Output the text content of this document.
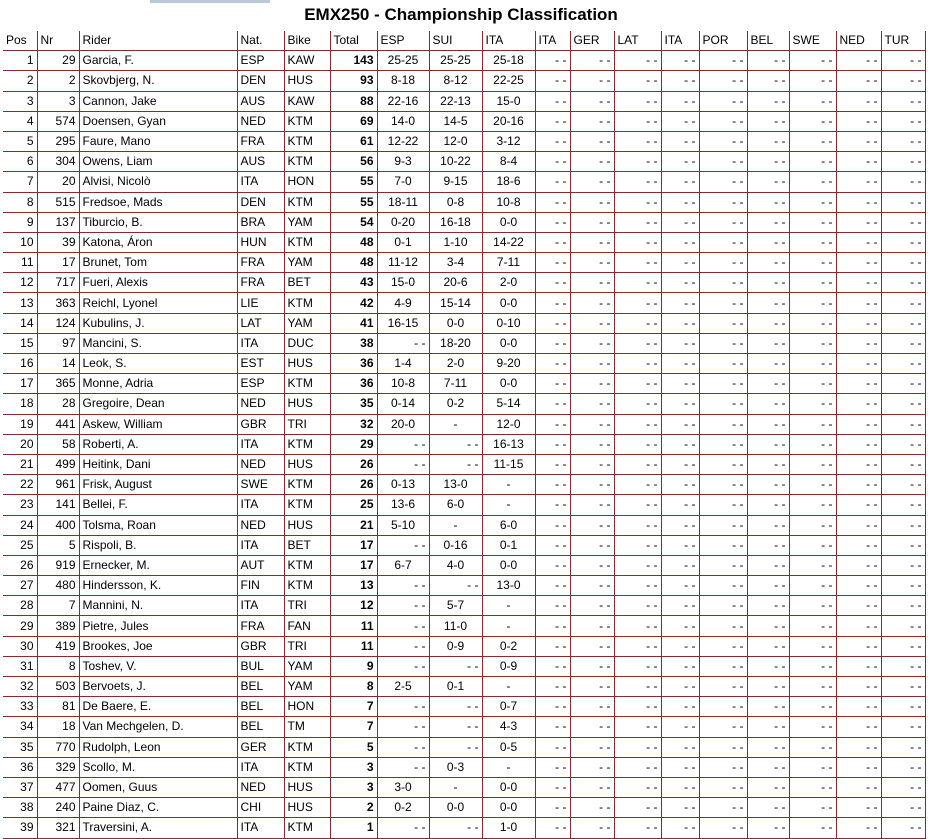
EMX250 - Championship Classification
Pos	Nr	Rider	Nat.	Bike	Total	ESP	SUI	ITA	ITA	GER	LAT	ITA	POR	BEL	SWE	NED	TUR
1	29	Garcia, F.	ESP	KAW	143	25-25	25-25	25-18	- -	- -	- -	- -	- -	- -	- -	- -	- -
2	2	Skovbjerg, N.	DEN	HUS	93	8-18	8-12	22-25	- -	- -	- -	- -	- -	- -	- -	- -	- -
3	3	Cannon, Jake	AUS	KAW	88	22-16	22-13	15-0	- -	- -	- -	- -	- -	- -	- -	- -	- -
4	574	Doensen, Gyan	NED	KTM	69	14-0	14-5	20-16	- -	- -	- -	- -	- -	- -	- -	- -	- -
5	295	Faure, Mano	FRA	KTM	61	12-22	12-0	3-12	- -	- -	- -	- -	- -	- -	- -	- -	- -
6	304	Owens, Liam	AUS	KTM	56	9-3	10-22	8-4	- -	- -	- -	- -	- -	- -	- -	- -	- -
7	20	Alvisi, Nicolò	ITA	HON	55	7-0	9-15	18-6	- -	- -	- -	- -	- -	- -	- -	- -	- -
8	515	Fredsoe, Mads	DEN	KTM	55	18-11	0-8	10-8	- -	- -	- -	- -	- -	- -	- -	- -	- -
9	137	Tiburcio, B.	BRA	YAM	54	0-20	16-18	0-0	- -	- -	- -	- -	- -	- -	- -	- -	- -
10	39	Katona, Áron	HUN	KTM	48	0-1	1-10	14-22	- -	- -	- -	- -	- -	- -	- -	- -	- -
11	17	Brunet, Tom	FRA	YAM	48	11-12	3-4	7-11	- -	- -	- -	- -	- -	- -	- -	- -	- -
12	717	Fueri, Alexis	FRA	BET	43	15-0	20-6	2-0	- -	- -	- -	- -	- -	- -	- -	- -	- -
13	363	Reichl, Lyonel	LIE	KTM	42	4-9	15-14	0-0	- -	- -	- -	- -	- -	- -	- -	- -	- -
14	124	Kubulins, J.	LAT	YAM	41	16-15	0-0	0-10	- -	- -	- -	- -	- -	- -	- -	- -	- -
15	97	Mancini, S.	ITA	DUC	38	- -	18-20	0-0	- -	- -	- -	- -	- -	- -	- -	- -	- -
16	14	Leok, S.	EST	HUS	36	1-4	2-0	9-20	- -	- -	- -	- -	- -	- -	- -	- -	- -
17	365	Monne, Adria	ESP	KTM	36	10-8	7-11	0-0	- -	- -	- -	- -	- -	- -	- -	- -	- -
18	28	Gregoire, Dean	NED	HUS	35	0-14	0-2	5-14	- -	- -	- -	- -	- -	- -	- -	- -	- -
19	441	Askew, William	GBR	TRI	32	20-0	-	12-0	- -	- -	- -	- -	- -	- -	- -	- -	- -
20	58	Roberti, A.	ITA	KTM	29	- -	- -	16-13	- -	- -	- -	- -	- -	- -	- -	- -	- -
21	499	Heitink, Dani	NED	HUS	26	- -	- -	11-15	- -	- -	- -	- -	- -	- -	- -	- -	- -
22	961	Frisk, August	SWE	KTM	26	0-13	13-0	-	- -	- -	- -	- -	- -	- -	- -	- -	- -
23	141	Bellei, F.	ITA	KTM	25	13-6	6-0	-	- -	- -	- -	- -	- -	- -	- -	- -	- -
24	400	Tolsma, Roan	NED	HUS	21	5-10	-	6-0	- -	- -	- -	- -	- -	- -	- -	- -	- -
25	5	Rispoli, B.	ITA	BET	17	- -	0-16	0-1	- -	- -	- -	- -	- -	- -	- -	- -	- -
26	919	Ernecker, M.	AUT	KTM	17	6-7	4-0	0-0	- -	- -	- -	- -	- -	- -	- -	- -	- -
27	480	Hindersson, K.	FIN	KTM	13	- -	- -	13-0	- -	- -	- -	- -	- -	- -	- -	- -	- -
28	7	Mannini, N.	ITA	TRI	12	- -	5-7	-	- -	- -	- -	- -	- -	- -	- -	- -	- -
29	389	Pietre, Jules	FRA	FAN	11	- -	11-0	-	- -	- -	- -	- -	- -	- -	- -	- -	- -
30	419	Brookes, Joe	GBR	TRI	11	- -	0-9	0-2	- -	- -	- -	- -	- -	- -	- -	- -	- -
31	8	Toshev, V.	BUL	YAM	9	- -	- -	0-9	- -	- -	- -	- -	- -	- -	- -	- -	- -
32	503	Bervoets, J.	BEL	YAM	8	2-5	0-1	-	- -	- -	- -	- -	- -	- -	- -	- -	- -
33	81	De Baere, E.	BEL	HON	7	- -	- -	0-7	- -	- -	- -	- -	- -	- -	- -	- -	- -
34	18	Van Mechgelen, D.	BEL	TM	7	- -	- -	4-3	- -	- -	- -	- -	- -	- -	- -	- -	- -
35	770	Rudolph, Leon	GER	KTM	5	- -	- -	0-5	- -	- -	- -	- -	- -	- -	- -	- -	- -
36	329	Scollo, M.	ITA	KTM	3	- -	0-3	-	- -	- -	- -	- -	- -	- -	- -	- -	- -
37	477	Oomen, Guus	NED	HUS	3	3-0	-	0-0	- -	- -	- -	- -	- -	- -	- -	- -	- -
38	240	Paine Diaz, C.	CHI	HUS	2	0-2	0-0	0-0	- -	- -	- -	- -	- -	- -	- -	- -	- -
39	321	Traversini, A.	ITA	KTM	1	- -	- -	1-0	- -	- -	- -	- -	- -	- -	- -	- -	- -
